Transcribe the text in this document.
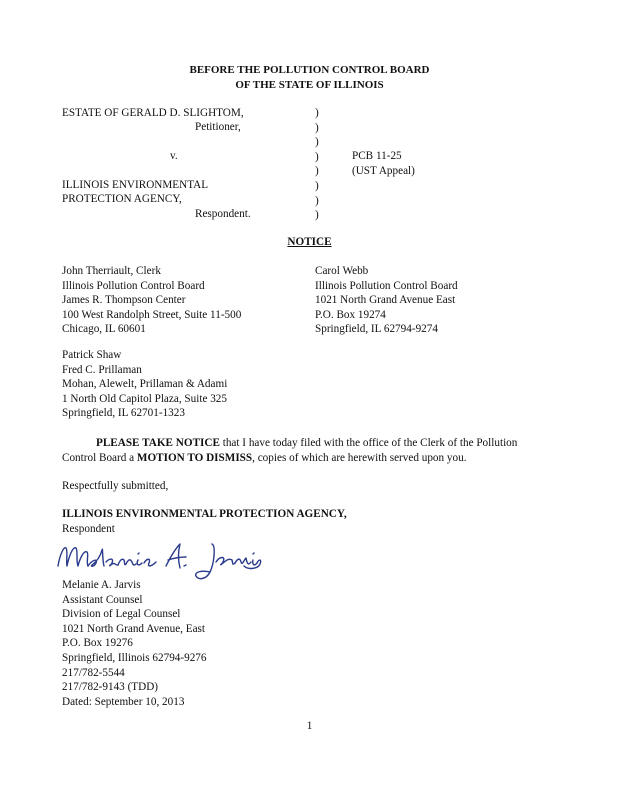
BEFORE THE POLLUTION CONTROL BOARD
OF THE STATE OF ILLINOIS
ESTATE OF GERALD D. SLIGHTOM,
Petitioner,
v.
ILLINOIS ENVIRONMENTAL
PROTECTION AGENCY,
Respondent.
)
)
)
)
)
)
)
)
PCB 11-25
(UST Appeal)
NOTICE
John Therriault, Clerk
Illinois Pollution Control Board
James R. Thompson Center
100 West Randolph Street, Suite 11-500
Chicago, IL 60601
Carol Webb
Illinois Pollution Control Board
1021 North Grand Avenue East
P.O. Box 19274
Springfield, IL 62794-9274
Patrick Shaw
Fred C. Prillaman
Mohan, Alewelt, Prillaman & Adami
1 North Old Capitol Plaza, Suite 325
Springfield, IL 62701-1323
PLEASE TAKE NOTICE that I have today filed with the office of the Clerk of the Pollution
Control Board a MOTION TO DISMISS, copies of which are herewith served upon you.
Respectfully submitted,
ILLINOIS ENVIRONMENTAL PROTECTION AGENCY,
Respondent
Melanie A. Jarvis
Assistant Counsel
Division of Legal Counsel
1021 North Grand Avenue, East
P.O. Box 19276
Springfield, Illinois 62794-9276
217/782-5544
217/782-9143 (TDD)
Dated: September 10, 2013
1
